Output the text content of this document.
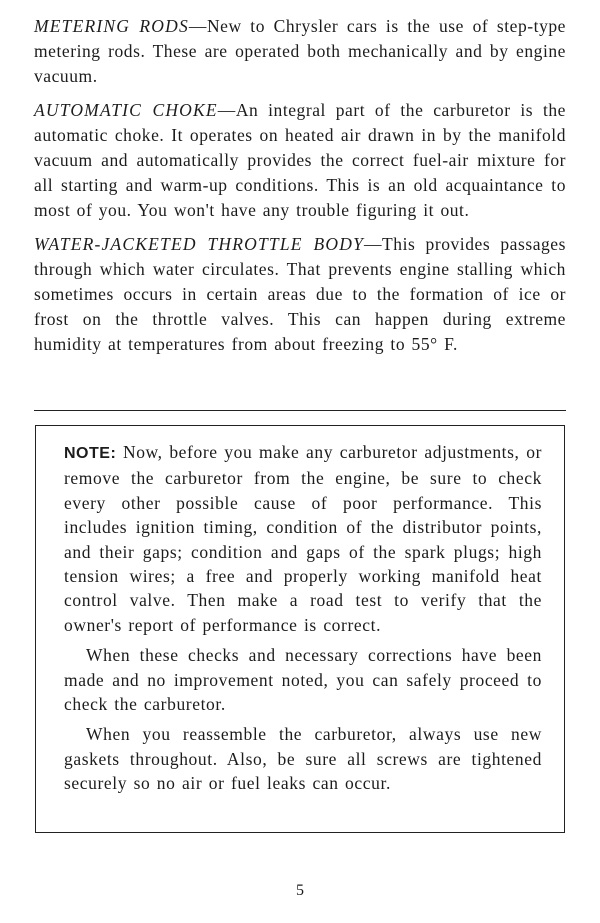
METERING RODS—New to Chrysler cars is the use of step-type metering rods. These are operated both mechanically and by engine vacuum.

AUTOMATIC CHOKE—An integral part of the carburetor is the automatic choke. It operates on heated air drawn in by the manifold vacuum and automatically provides the correct fuel-air mixture for all starting and warm-up conditions. This is an old acquaintance to most of you. You won't have any trouble figuring it out.

WATER-JACKETED THROTTLE BODY—This provides passages through which water circulates. That prevents engine stalling which sometimes occurs in certain areas due to the formation of ice or frost on the throttle valves. This can happen during extreme humidity at temperatures from about freezing to 55° F.

NOTE: Now, before you make any carburetor adjustments, or remove the carburetor from the engine, be sure to check every other possible cause of poor performance. This includes ignition timing, condition of the distributor points, and their gaps; condition and gaps of the spark plugs; high tension wires; a free and properly working manifold heat control valve. Then make a road test to verify that the owner's report of performance is correct.

When these checks and necessary corrections have been made and no improvement noted, you can safely proceed to check the carburetor.

When you reassemble the carburetor, always use new gaskets throughout. Also, be sure all screws are tightened securely so no air or fuel leaks can occur.

5
